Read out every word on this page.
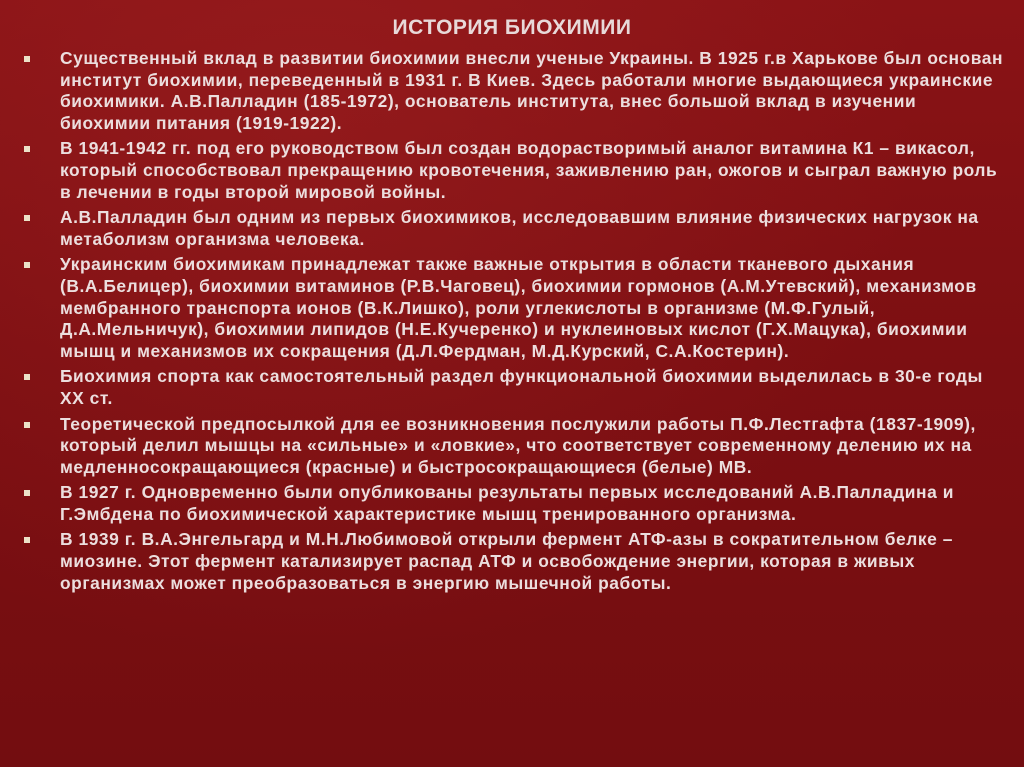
ИСТОРИЯ БИОХИМИИ
Существенный вклад в развитии биохимии внесли ученые Украины. В 1925 г.в Харькове был основан институт биохимии, переведенный в 1931 г. В Киев. Здесь работали многие выдающиеся украинские биохимики. А.В.Палладин (185-1972), основатель института, внес большой вклад в изучении биохимии питания (1919-1922).
В 1941-1942 гг. под его руководством был создан водорастворимый аналог витамина К1 – викасол, который способствовал прекращению кровотечения, заживлению ран, ожогов и сыграл важную роль в лечении в годы второй мировой войны.
А.В.Палладин был одним из первых биохимиков, исследовавшим влияние физических нагрузок на метаболизм организма человека.
Украинским биохимикам принадлежат также важные открытия в области тканевого дыхания (В.А.Белицер), биохимии витаминов (Р.В.Чаговец), биохимии гормонов (А.М.Утевский), механизмов мембранного транспорта ионов (В.К.Лишко), роли углекислоты в организме (М.Ф.Гулый, Д.А.Мельничук), биохимии липидов (Н.Е.Кучеренко) и нуклеиновых кислот (Г.Х.Мацука), биохимии мышц и механизмов их сокращения (Д.Л.Фердман, М.Д.Курский, С.А.Костерин).
Биохимия спорта как самостоятельный раздел функциональной биохимии выделилась в 30-е годы ХХ ст.
Теоретической предпосылкой для ее возникновения послужили работы П.Ф.Лестгафта (1837-1909), который делил мышцы на «сильные» и «ловкие», что соответствует современному делению их на медленносокращающиеся (красные) и быстросокращающиеся (белые) МВ.
В 1927 г. Одновременно были опубликованы результаты первых исследований А.В.Палладина и Г.Эмбдена по биохимической характеристике мышц тренированного организма.
В 1939 г. В.А.Энгельгард и М.Н.Любимовой открыли фермент АТФ-азы в сократительном белке – миозине. Этот фермент катализирует распад АТФ и освобождение энергии, которая в живых организмах может преобразоваться в энергию мышечной работы.
